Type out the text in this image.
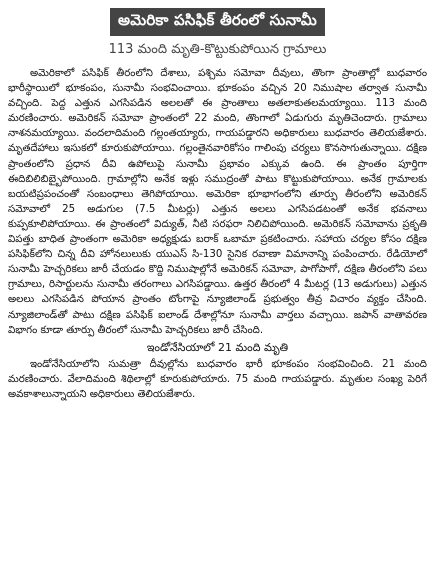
అమెరికా పసిఫిక్ తీరంలో సునామీ
113 మంది మృతి-కొట్టుకుపోయిన గ్రామాలు

అమెరికాలో పసిఫిక్ తీరంలోని దేశాలు, పశ్చిమ సమోవా దీవులు, తొంగా ప్రాంతాల్లో బుధవారం భారీస్థాయిలో భూకంపం, సునామీ సంభవించాయి. భూకంపం వచ్చిన 20 నిముషాల తర్వాత సునామీ వచ్చింది. పెద్ద ఎత్తున ఎగసిపడిన అలలతో ఈ ప్రాంతాలు అతలాకుతలమయ్యాయి. 113 మంది మరణించారు. అమెరికన్ సమోవా ప్రాంతంలో 22 మంది, తొంగాలో ఏడుగురు మృతిచెందారు. గ్రామాలు నాశనమయ్యాయి. వందలాదిమంది గల్లంతయ్యారు, గాయపడ్డారని అధికారులు బుధవారం తెలియజేశారు. మృతదేహాలు ఇసుకలో కూరుకుపోయాయి. గల్లంతైనవారికోసం గాలింపు చర్యలు కొనసాగుతున్నాయి. దక్షిణ ప్రాంతంలోని ప్రధాన దీవి ఉపోలుపై సునామీ ప్రభావం ఎక్కువ ఉంది. ఈ ప్రాంతం పూర్తిగా ఈదిబిలిబిబ్బైపోయింది. గ్రామాల్లోని అనేక ఇళ్లు సముద్రంతో పాటు కొట్టుకుపోయాయి. అనేక గ్రామాలకు బయటిప్రపంచంతో సంబంధాలు తెగిపోయాయి. అమెరికా భూభాగంలోని తూర్పు తీరంలోని అమెరికన్ సమోవాలో 25 అడుగుల (7.5 మీటర్లు) ఎత్తున అలలు ఎగసిపడటంతో అనేక భవనాలు కుప్పకూలిపోయాయి. ఈ ప్రాంతంలో విద్యుత్, నీటి సరఫరా నిలిచిపోయింది. అమెరికన్ సమోవాను ప్రకృతి విపత్తు బాధిత ప్రాంతంగా అమెరికా అధ్యక్షుడు బరాక్ ఒబామా ప్రకటించారు. సహాయ చర్యల కోసం దక్షిణ పసిఫిక్‌లోని చిన్న దీవి హోనలులుకు యుఎస్ సి-130 సైనిక రవాణా విమానాన్ని పంపించారు. రేడియోలో సునామీ హెచ్చరికలు జారీ చేయడం కొద్ది నిముషాల్లోనే అమెరికన్ సమోవా, పాగోపాగో, దక్షిణ తీరంలోని పలు గ్రామాలు, రిసార్టులను సునామీ తరంగాలు ఎగసిపడ్డాయి. ఉత్తర తీరంలో 4 మీటర్ల (13 అడుగులు) ఎత్తున అలలు ఎగసిపడిన పోయాన ప్రాంతం టోంగాపై న్యూజిలాండ్ ప్రభుత్వం తీవ్ర విచారం వ్యక్తం చేసింది. న్యూజిలాండ్‌తో పాటు దక్షిణ పసిఫిక్ ఐలాండ్ దేశాల్లోనూ సునామీ వార్తలు వచ్చాయి. జపాన్ వాతావరణ విభాగం కూడా తూర్పు తీరంలో సునామీ హెచ్చరికలు జారీ చేసింది.

ఇండోనేసియాలో 21 మంది మృతి

ఇండోనేసియాలోని సుమత్రా దీవుల్లోను బుధవారం భారీ భూకంపం సంభవించింది. 21 మంది మరణించారు. వేలాదిమంది శిథిలాల్లో కూరుకుపోయారు. 75 మంది గాయపడ్డారు. మృతుల సంఖ్య పెరిగే అవకాశాలున్నాయని అధికారులు తెలియజేశారు.
